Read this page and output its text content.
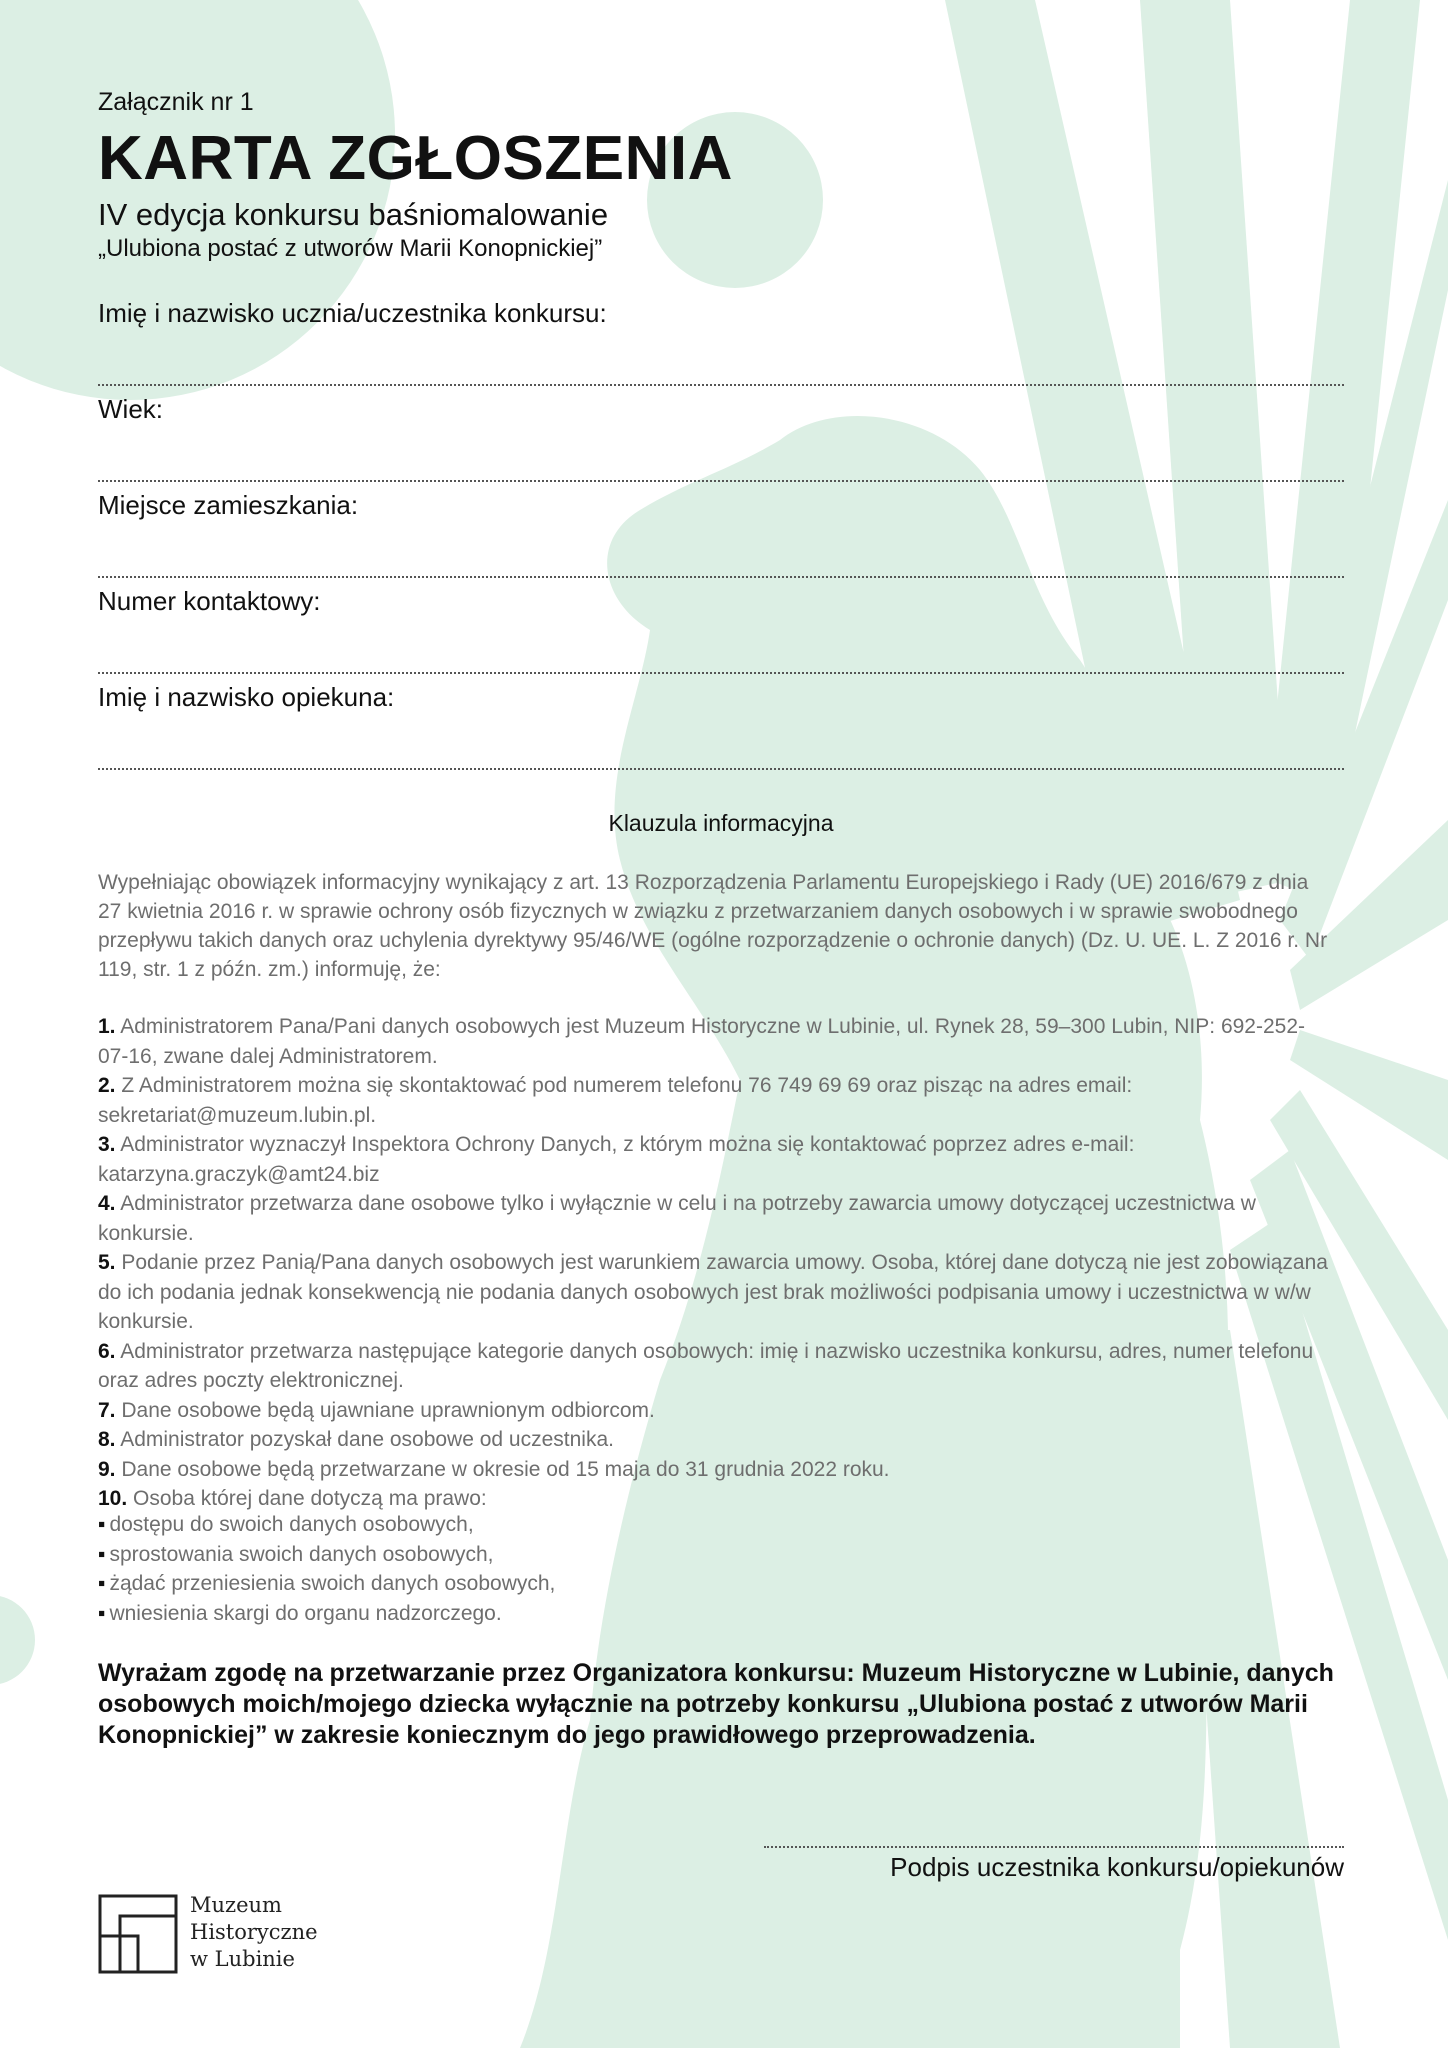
Załącznik nr 1
KARTA ZGŁOSZENIA
IV edycja konkursu baśniomalowanie
„Ulubiona postać z utworów Marii Konopnickiej”
Imię i nazwisko ucznia/uczestnika konkursu:
Wiek:
Miejsce zamieszkania:
Numer kontaktowy:
Imię i nazwisko opiekuna:
Klauzula informacyjna

Wypełniając obowiązek informacyjny wynikający z art. 13 Rozporządzenia Parlamentu Europejskiego i Rady (UE) 2016/679 z dnia 27 kwietnia 2016 r. w sprawie ochrony osób fizycznych w związku z przetwarzaniem danych osobowych i w sprawie swobodnego przepływu takich danych oraz uchylenia dyrektywy 95/46/WE (ogólne rozporządzenie o ochronie danych) (Dz. U. UE. L. Z 2016 r. Nr 119, str. 1 z późn. zm.) informuję, że:

1. Administratorem Pana/Pani danych osobowych jest Muzeum Historyczne w Lubinie, ul. Rynek 28, 59–300 Lubin, NIP: 692-252-07-16, zwane dalej Administratorem.
2. Z Administratorem można się skontaktować pod numerem telefonu 76 749 69 69 oraz pisząc na adres email: sekretariat@muzeum.lubin.pl.
3. Administrator wyznaczył Inspektora Ochrony Danych, z którym można się kontaktować poprzez adres e-mail: katarzyna.graczyk@amt24.biz
4. Administrator przetwarza dane osobowe tylko i wyłącznie w celu i na potrzeby zawarcia umowy dotyczącej uczestnictwa w konkursie.
5. Podanie przez Panią/Pana danych osobowych jest warunkiem zawarcia umowy. Osoba, której dane dotyczą nie jest zobowiązana do ich podania jednak konsekwencją nie podania danych osobowych jest brak możliwości podpisania umowy i uczestnictwa w w/w konkursie.
6. Administrator przetwarza następujące kategorie danych osobowych: imię i nazwisko uczestnika konkursu, adres, numer telefonu oraz adres poczty elektronicznej.
7. Dane osobowe będą ujawniane uprawnionym odbiorcom.
8. Administrator pozyskał dane osobowe od uczestnika.
9. Dane osobowe będą przetwarzane w okresie od 15 maja do 31 grudnia 2022 roku.
10. Osoba której dane dotyczą ma prawo:
▪ dostępu do swoich danych osobowych,
▪ sprostowania swoich danych osobowych,
▪ żądać przeniesienia swoich danych osobowych,
▪ wniesienia skargi do organu nadzorczego.

Wyrażam zgodę na przetwarzanie przez Organizatora konkursu: Muzeum Historyczne w Lubinie, danych osobowych moich/mojego dziecka wyłącznie na potrzeby konkursu „Ulubiona postać z utworów Marii Konopnickiej” w zakresie koniecznym do jego prawidłowego przeprowadzenia.

Podpis uczestnika konkursu/opiekunów
Muzeum
Historyczne
w Lubinie
